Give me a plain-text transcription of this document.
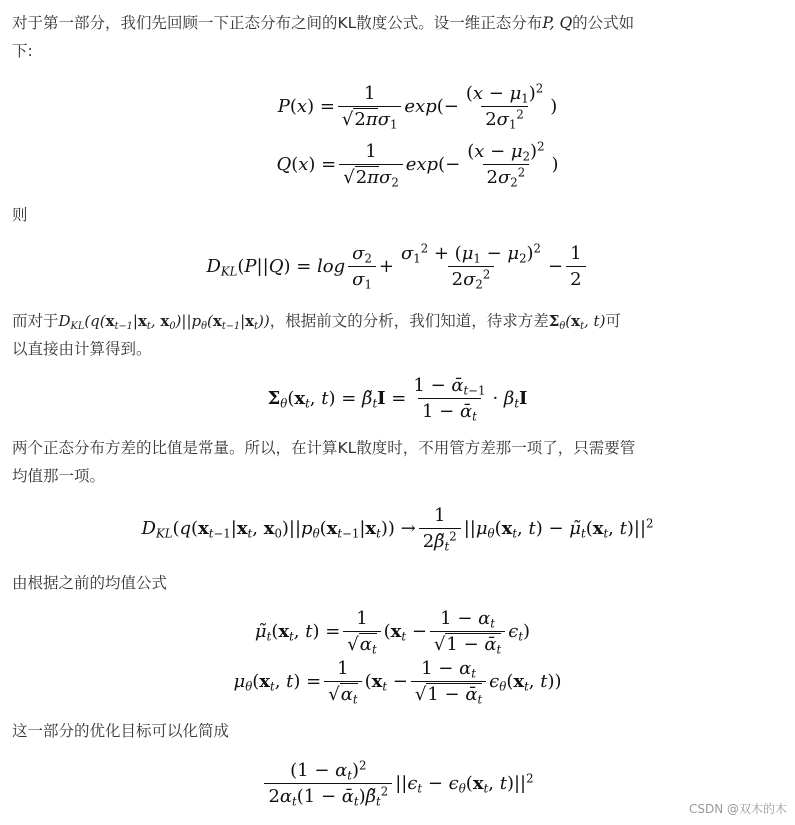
对于第一部分，我们先回顾一下正态分布之间的KL散度公式。设一维正态分布P, Q的公式如
下:
$P(x) = \frac{1}{√2\pi\sigma_1} \exp(- \frac{(x - \mu_1)^2}{2\sigma_1^2}$ )
$Q(x) = \frac{1}{√2\pi\sigma_2} \exp(- \frac{(x - \mu_2)^2}{2\sigma_2^2}$ )
则
$D_{KL}(P||Q) = \log \frac{\sigma_2}{\sigma_1} + \frac{\sigma_1^2 + (\mu_1 - \mu_2)^2}{2\sigma_2^2} - \frac{1}{2}$
而对于$D_{KL}(q(x_{t-1}|x_t$, $x_0)||p_\theta(x_{t-1}|x_t)$)，根据前文的分析，我们知道，待求方差$\Sigma_\theta(x_t$, t)可
以直接由计算得到。
$\Sigma_\theta(x_t$, $t) = \betã_tI = \frac{1 - ᾱ_{t-1}}{1 - ᾱ_t} \cdot \beta_tI$
两个正态分布方差的比值是常量。所以，在计算KL散度时，不用管方差那一项了，只需要管
均值那一项。
$D_{KL}(q(x_{t-1}|x_t$, $x_0)||p_\theta(x_{t-1}|x_t)) \to \frac{1}{2\betã_t^2} ||\mu_\theta(x_t$, $t) - \mũ_t(x_t$, $t)||^2$
由根据之前的均值公式
$\mũ_t(x_t$, $t) = \frac{1}{√\alpha_t} (x_t - \frac{1 - \alpha_t}{√1 - ᾱ_t} \epsilon_t)$
$\mu_\theta(x_t$, $t) = \frac{1}{√\alpha_t} (x_t - \frac{1 - \alpha_t}{√1 - ᾱ_t} \epsilon_\theta(x_t$, t))
这一部分的优化目标可以化简成
$\frac{(1 - \alpha_t)^2}{2\alpha_t(1 - ᾱ_t)\betã_t^2} ||\epsilon_t - \epsilon_\theta(x_t$, $t)||^2$
CSDN @双木的木
